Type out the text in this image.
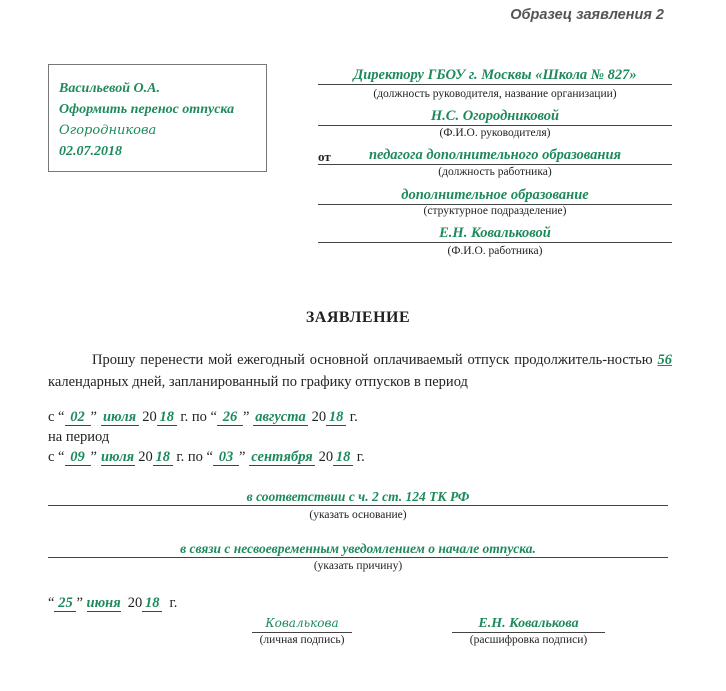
Образец заявления 2
Васильевой О.А.
Оформить перенос отпуска
Огородникова
02.07.2018
Директору ГБОУ г. Москвы «Школа № 827»
(должность руководителя, название организации)
Н.С. Огородниковой
(Ф.И.О. руководителя)
от	педагога дополнительного образования
(должность работника)
дополнительное образование
(структурное подразделение)
Е.Н. Ковальковой
(Ф.И.О. работника)
ЗАЯВЛЕНИЕ
Прошу перенести мой ежегодный основной оплачиваемый отпуск продолжитель-ностью 56 календарных дней, запланированный по графику отпусков в период
с “ 02 ” июля 20 18 г. по “ 26 ” августа 20 18 г.
на период
с “ 09 ” июля 20 18 г. по “ 03 ” сентября 20 18 г.
в соответствии с ч. 2 ст. 124 ТК РФ
(указать основание)
в связи с несвоевременным уведомлением о начале отпуска.
(указать причину)
“ 25 ” июня  20 18 г.
Ковалькова
(личная подпись)
Е.Н. Ковалькова
(расшифровка подписи)
